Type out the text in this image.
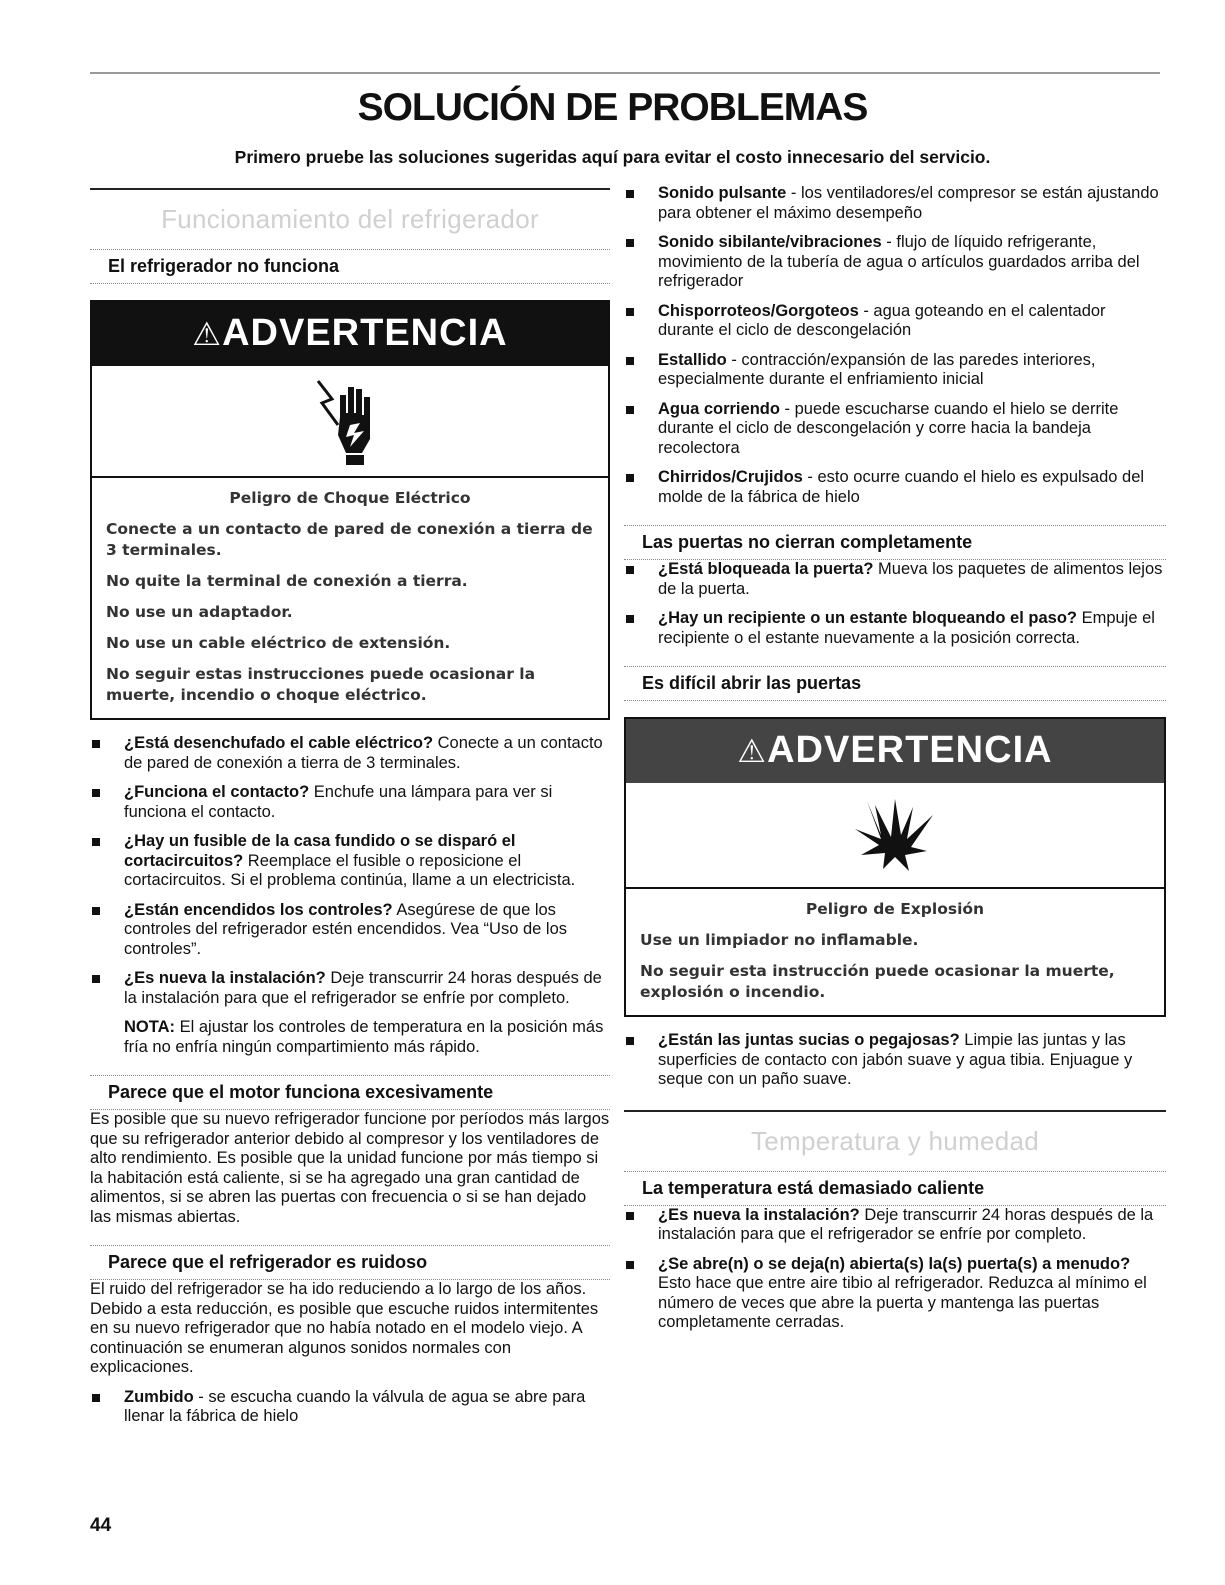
SOLUCIÓN DE PROBLEMAS
Primero pruebe las soluciones sugeridas aquí para evitar el costo innecesario del servicio.
Funcionamiento del refrigerador
El refrigerador no funciona
⚠ADVERTENCIA

Peligro de Choque Eléctrico

Conecte a un contacto de pared de conexión a tierra de 3 terminales.

No quite la terminal de conexión a tierra.

No use un adaptador.

No use un cable eléctrico de extensión.

No seguir estas instrucciones puede ocasionar la muerte, incendio o choque eléctrico.

¿Está desenchufado el cable eléctrico? Conecte a un contacto de pared de conexión a tierra de 3 terminales.
¿Funciona el contacto? Enchufe una lámpara para ver si funciona el contacto.
¿Hay un fusible de la casa fundido o se disparó el cortacircuitos? Reemplace el fusible o reposicione el cortacircuitos. Si el problema continúa, llame a un electricista.
¿Están encendidos los controles? Asegúrese de que los controles del refrigerador estén encendidos. Vea “Uso de los controles”.
¿Es nueva la instalación? Deje transcurrir 24 horas después de la instalación para que el refrigerador se enfríe por completo.

NOTA: El ajustar los controles de temperatura en la posición más fría no enfría ningún compartimiento más rápido.

Parece que el motor funciona excesivamente

Es posible que su nuevo refrigerador funcione por períodos más largos que su refrigerador anterior debido al compresor y los ventiladores de alto rendimiento. Es posible que la unidad funcione por más tiempo si la habitación está caliente, si se ha agregado una gran cantidad de alimentos, si se abren las puertas con frecuencia o si se han dejado las mismas abiertas.

Parece que el refrigerador es ruidoso

El ruido del refrigerador se ha ido reduciendo a lo largo de los años. Debido a esta reducción, es posible que escuche ruidos intermitentes en su nuevo refrigerador que no había notado en el modelo viejo. A continuación se enumeran algunos sonidos normales con explicaciones.

Zumbido - se escucha cuando la válvula de agua se abre para llenar la fábrica de hielo
Sonido pulsante - los ventiladores/el compresor se están ajustando para obtener el máximo desempeño
Sonido sibilante/vibraciones - flujo de líquido refrigerante, movimiento de la tubería de agua o artículos guardados arriba del refrigerador
Chisporroteos/Gorgoteos - agua goteando en el calentador durante el ciclo de descongelación
Estallido - contracción/expansión de las paredes interiores, especialmente durante el enfriamiento inicial
Agua corriendo - puede escucharse cuando el hielo se derrite durante el ciclo de descongelación y corre hacia la bandeja recolectora
Chirridos/Crujidos - esto ocurre cuando el hielo es expulsado del molde de la fábrica de hielo
Las puertas no cierran completamente
¿Está bloqueada la puerta? Mueva los paquetes de alimentos lejos de la puerta.
¿Hay un recipiente o un estante bloqueando el paso? Empuje el recipiente o el estante nuevamente a la posición correcta.
Es difícil abrir las puertas
⚠ADVERTENCIA

Peligro de Explosión

Use un limpiador no inflamable.

No seguir esta instrucción puede ocasionar la muerte, explosión o incendio.

¿Están las juntas sucias o pegajosas? Limpie las juntas y las superficies de contacto con jabón suave y agua tibia. Enjuague y seque con un paño suave.
Temperatura y humedad
La temperatura está demasiado caliente
¿Es nueva la instalación? Deje transcurrir 24 horas después de la instalación para que el refrigerador se enfríe por completo.
¿Se abre(n) o se deja(n) abierta(s) la(s) puerta(s) a menudo? Esto hace que entre aire tibio al refrigerador. Reduzca al mínimo el número de veces que abre la puerta y mantenga las puertas completamente cerradas.
44
